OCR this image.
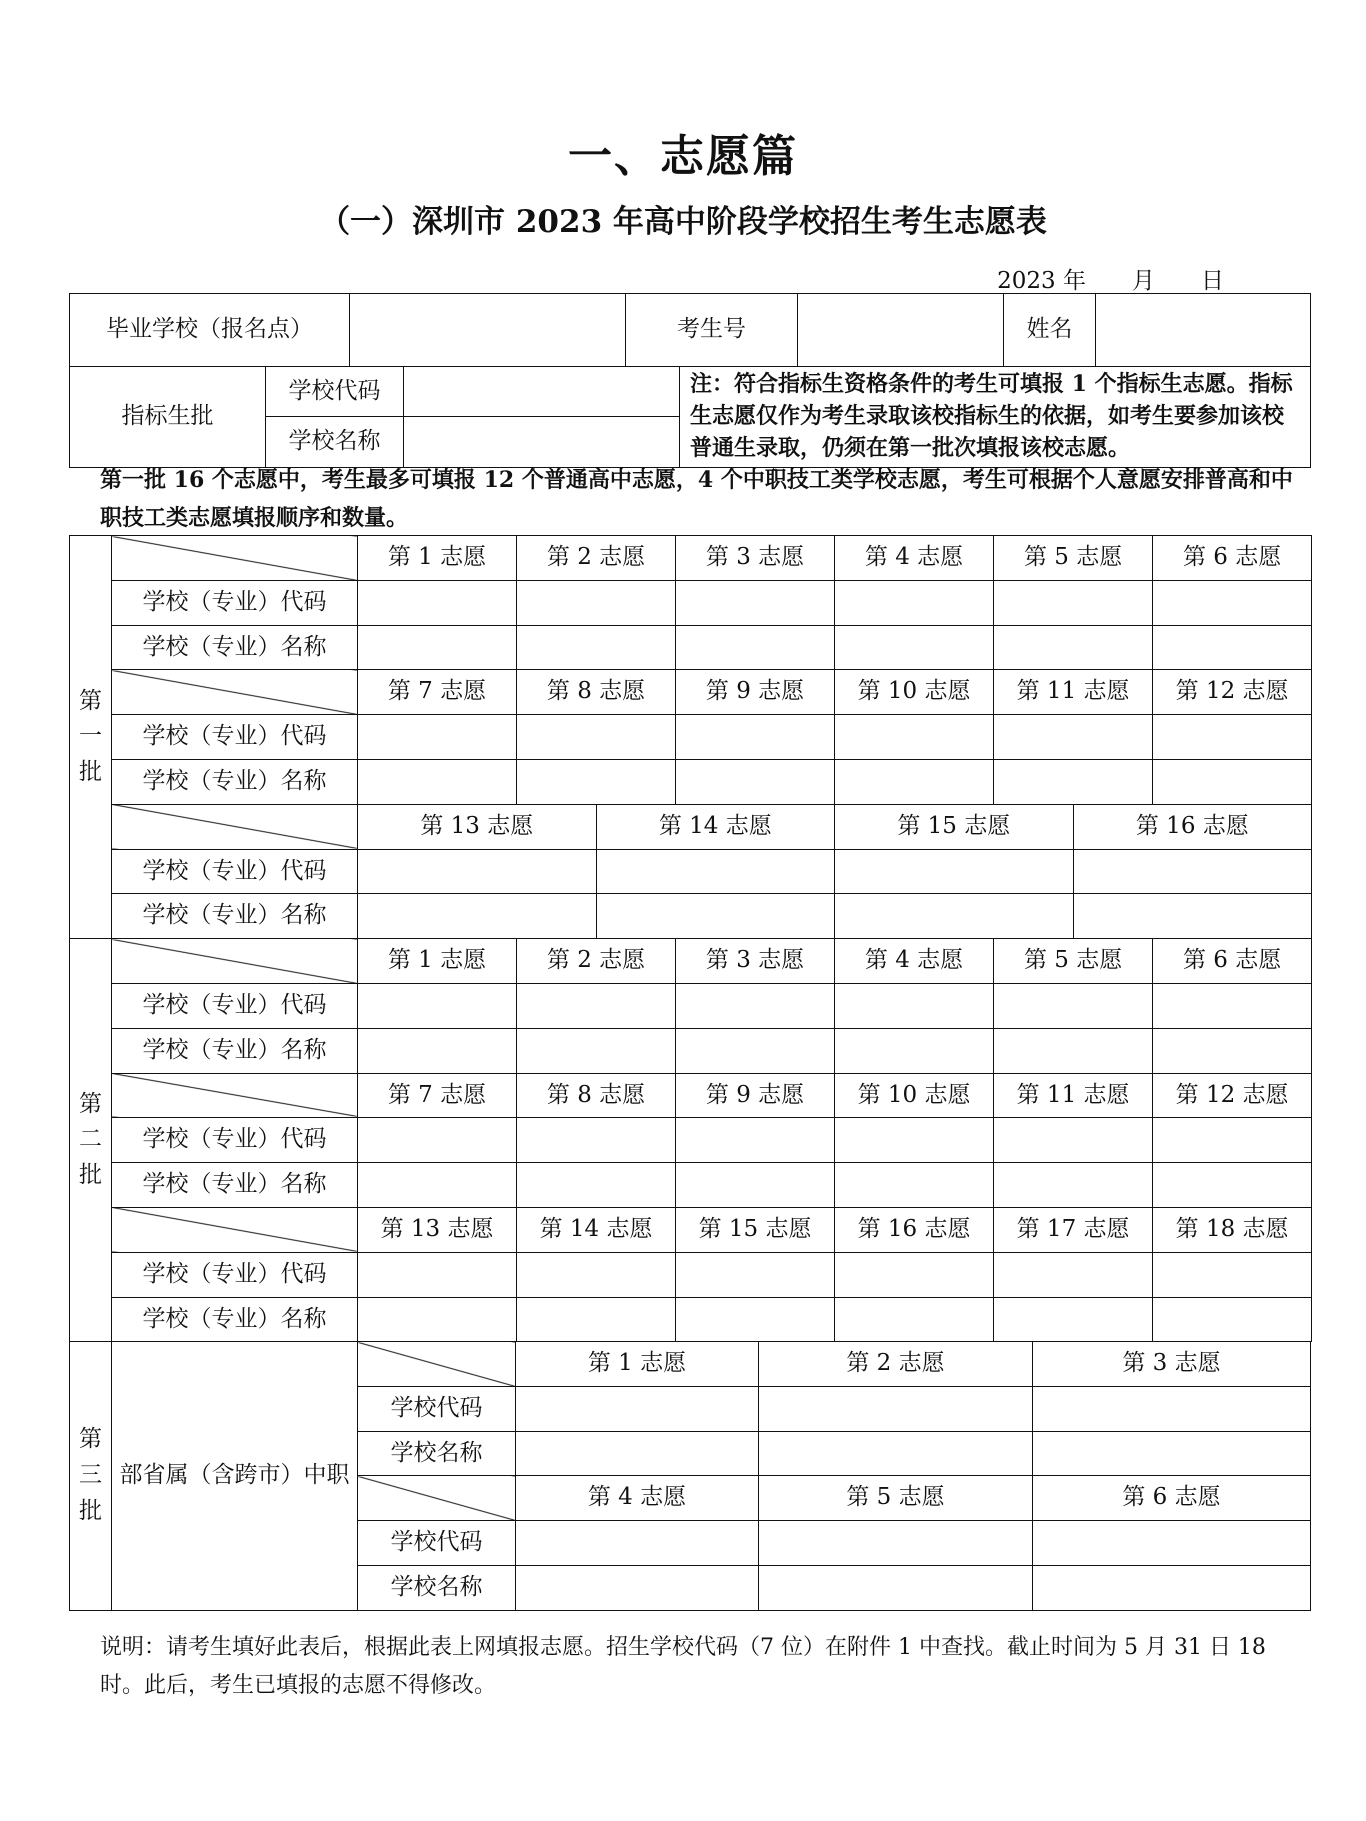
一、志愿篇
（一）深圳市 2023 年高中阶段学校招生考生志愿表
2023 年 月 日
毕业学校（报名点）		考生号		姓名	
指标生批	学校代码		注：符合指标生资格条件的考生可填报 1 个指标生志愿。指标生志愿仅作为考生录取该校指标生的依据，如考生要参加该校普通生录取，仍须在第一批次填报该校志愿。
	学校名称		
第一批 16 个志愿中，考生最多可填报 12 个普通高中志愿，4 个中职技工类学校志愿，考生可根据个人意愿安排普高和中职技工类志愿填报顺序和数量。
第
一
批		第 1 志愿	第 2 志愿		第 3 志愿	第 4 志愿	第 5 志愿		第 6 志愿
	学校（专业）代码								
	学校（专业）名称								
		第 7 志愿	第 8 志愿		第 9 志愿	第 10 志愿	第 11 志愿		第 12 志愿
	学校（专业）代码								
	学校（专业）名称								
		第 13 志愿		第 14 志愿		第 15 志愿		第 16 志愿	
	学校（专业）代码								
	学校（专业）名称								

第
二
批		第 1 志愿	第 2 志愿		第 3 志愿	第 4 志愿	第 5 志愿		第 6 志愿
	学校（专业）代码								
	学校（专业）名称								
		第 7 志愿	第 8 志愿		第 9 志愿	第 10 志愿	第 11 志愿		第 12 志愿
	学校（专业）代码								
	学校（专业）名称								
		第 13 志愿	第 14 志愿		第 15 志愿	第 16 志愿	第 17 志愿		第 18 志愿
	学校（专业）代码								
	学校（专业）名称								
第
三
批	部省属（含跨市）中职		第 1 志愿	第 2 志愿	第 3 志愿
		学校代码			
		学校名称			
			第 4 志愿	第 5 志愿	第 6 志愿
		学校代码			
		学校名称			
说明：请考生填好此表后，根据此表上网填报志愿。招生学校代码（7 位）在附件 1 中查找。截止时间为 5 月 31 日 18 时。此后，考生已填报的志愿不得修改。
